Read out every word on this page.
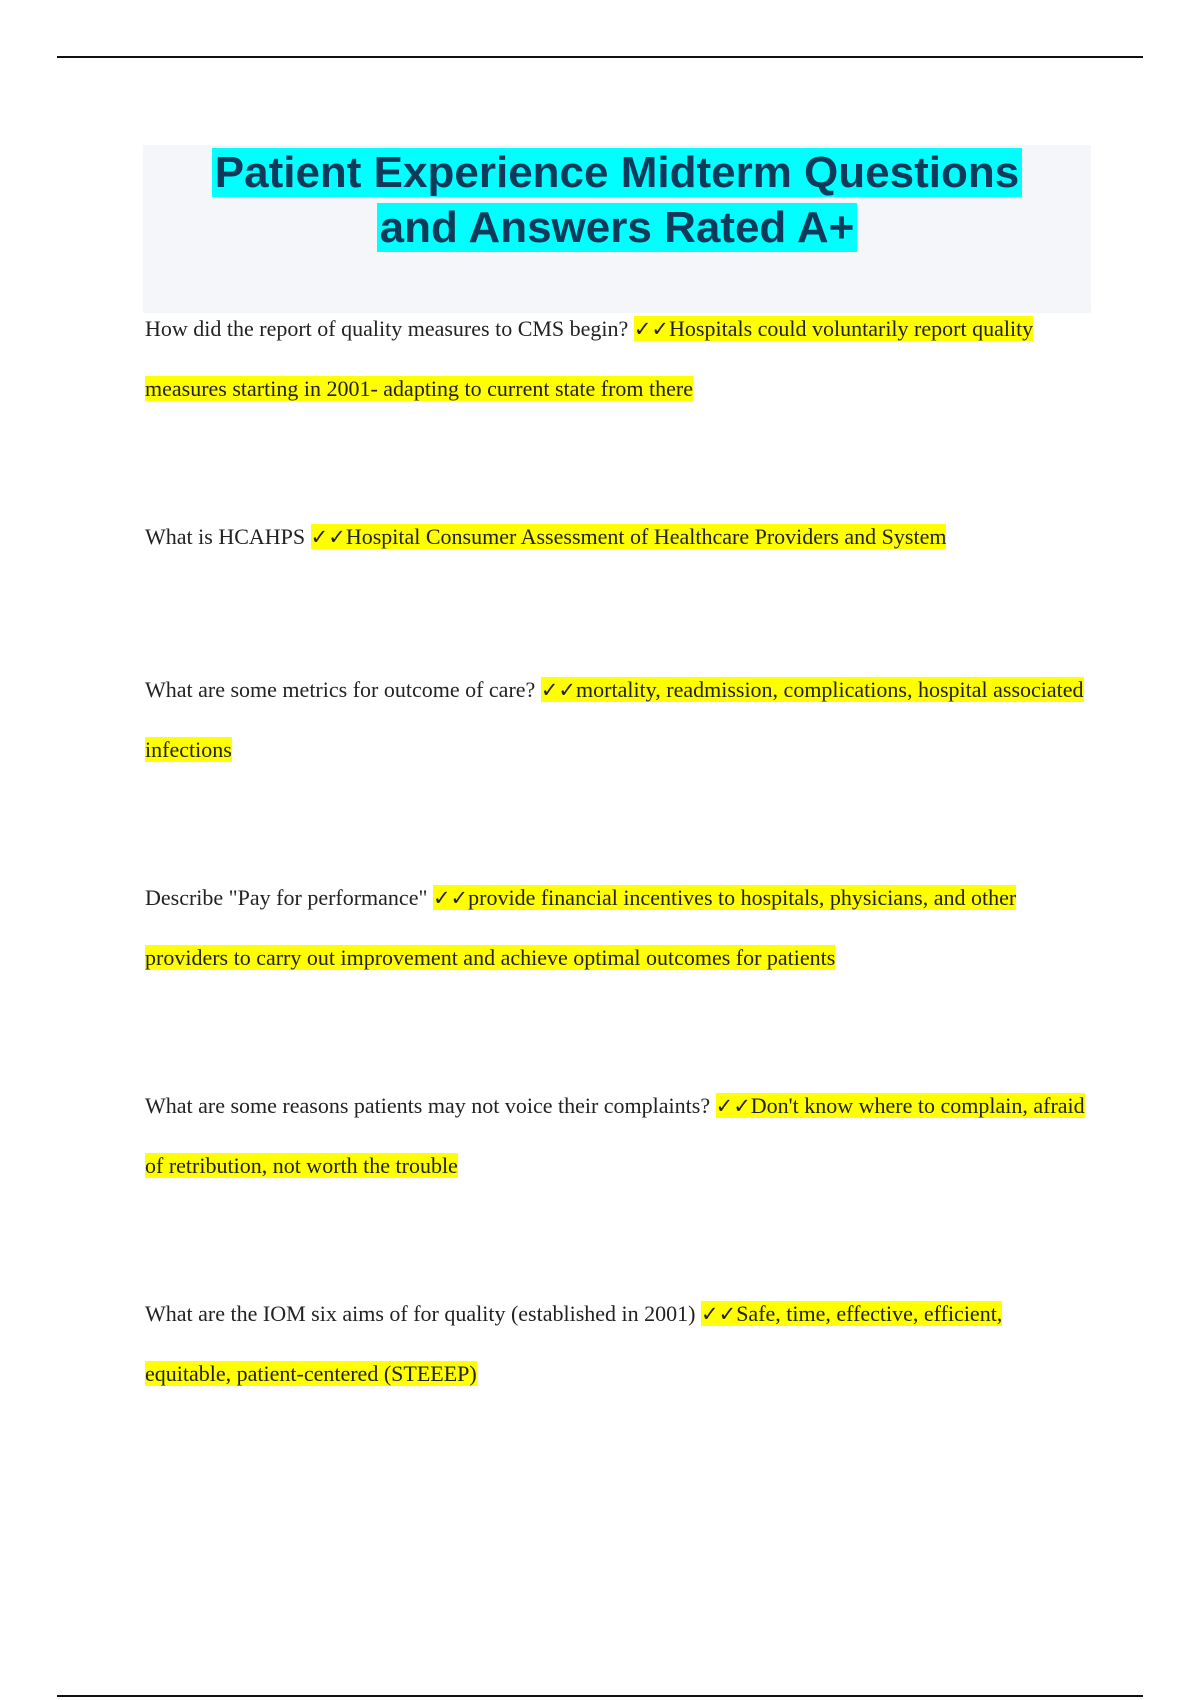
Patient Experience Midterm Questions
and Answers Rated A+
How did the report of quality measures to CMS begin? ✓✓Hospitals could voluntarily report quality measures starting in 2001- adapting to current state from there
What is HCAHPS ✓✓Hospital Consumer Assessment of Healthcare Providers and System
What are some metrics for outcome of care? ✓✓mortality, readmission, complications, hospital associated infections
Describe "Pay for performance" ✓✓provide financial incentives to hospitals, physicians, and other providers to carry out improvement and achieve optimal outcomes for patients
What are some reasons patients may not voice their complaints? ✓✓Don't know where to complain, afraid of retribution, not worth the trouble
What are the IOM six aims of for quality (established in 2001) ✓✓Safe, time, effective, efficient, equitable, patient-centered (STEEEP)
